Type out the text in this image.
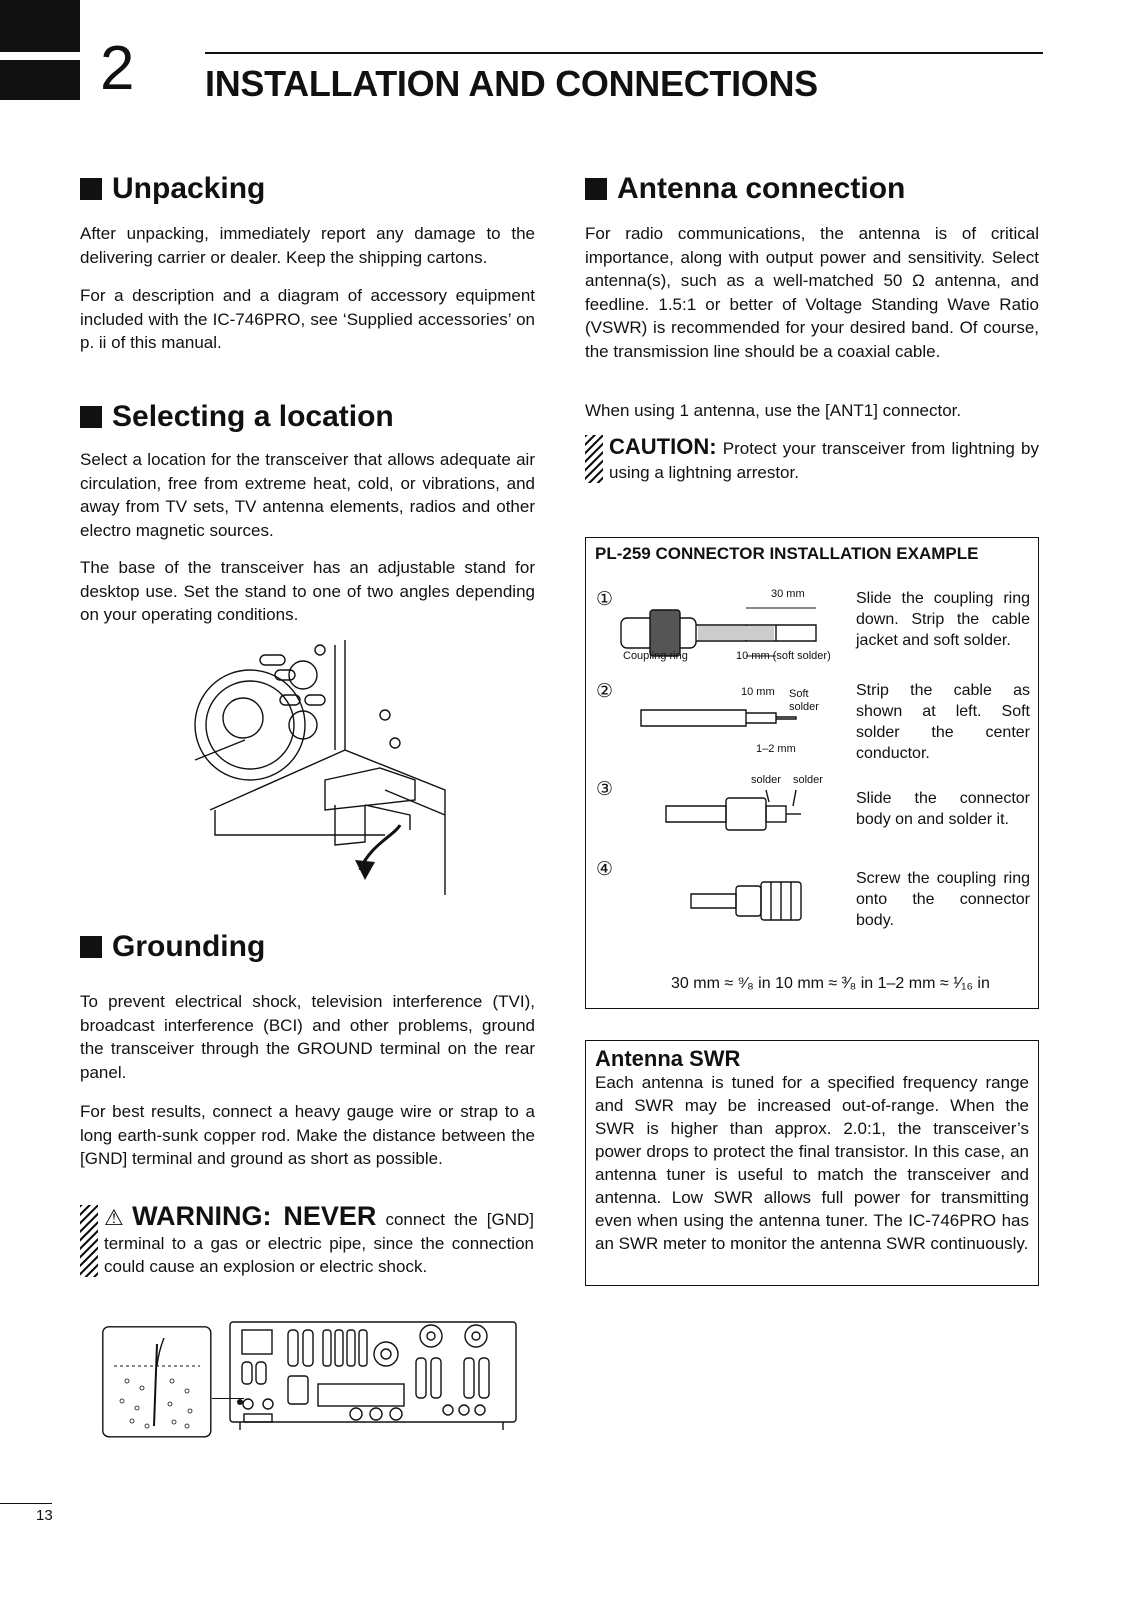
2 INSTALLATION AND CONNECTIONS
Unpacking

After unpacking, immediately report any damage to the delivering carrier or dealer. Keep the shipping cartons.

For a description and a diagram of accessory equipment included with the IC-746PRO, see ‘Supplied accessories’ on p. ii of this manual.

Selecting a location

Select a location for the transceiver that allows adequate air circulation, free from extreme heat, cold, or vibrations, and away from TV sets, TV antenna elements, radios and other electro magnetic sources.

The base of the transceiver has an adjustable stand for desktop use. Set the stand to one of two angles depending on your operating conditions.

Grounding

To prevent electrical shock, television interference (TVI), broadcast interference (BCI) and other problems, ground the transceiver through the GROUND terminal on the rear panel.

For best results, connect a heavy gauge wire or strap to a long earth-sunk copper rod. Make the distance between the [GND] terminal and ground as short as possible.

⚠ WARNING: NEVER connect the [GND] terminal to a gas or electric pipe, since the connection could cause an explosion or electric shock.
Antenna connection

For radio communications, the antenna is of critical importance, along with output power and sensitivity. Select antenna(s), such as a well-matched 50 Ω antenna, and feedline. 1.5:1 or better of Voltage Standing Wave Ratio (VSWR) is recommended for your desired band. Of course, the transmission line should be a coaxial cable.

When using 1 antenna, use the [ANT1] connector.

CAUTION: Protect your transceiver from lightning by using a lightning arrestor.
PL-259 CONNECTOR INSTALLATION EXAMPLE
①	30 mm
Coupling ring	10 mm (soft solder)

Slide the coupling ring down. Strip the cable jacket and soft solder.

②	10 mm Soft solder
1–2 mm

Strip the cable as shown at left. Soft solder the center conductor.

solder solder
③	Slide the connector body on and solder it.

④	Screw the coupling ring onto the connector body.

30 mm ≈ ⁹⁄₈ in 10 mm ≈ ³⁄₈ in 1–2 mm ≈ ¹⁄₁₆ in

Antenna SWR

Each antenna is tuned for a specified frequency range and SWR may be increased out-of-range. When the SWR is higher than approx. 2.0:1, the transceiver’s power drops to protect the final transistor. In this case, an antenna tuner is useful to match the transceiver and antenna. Low SWR allows full power for transmitting even when using the antenna tuner. The IC-746PRO has an SWR meter to monitor the antenna SWR continuously.

13
